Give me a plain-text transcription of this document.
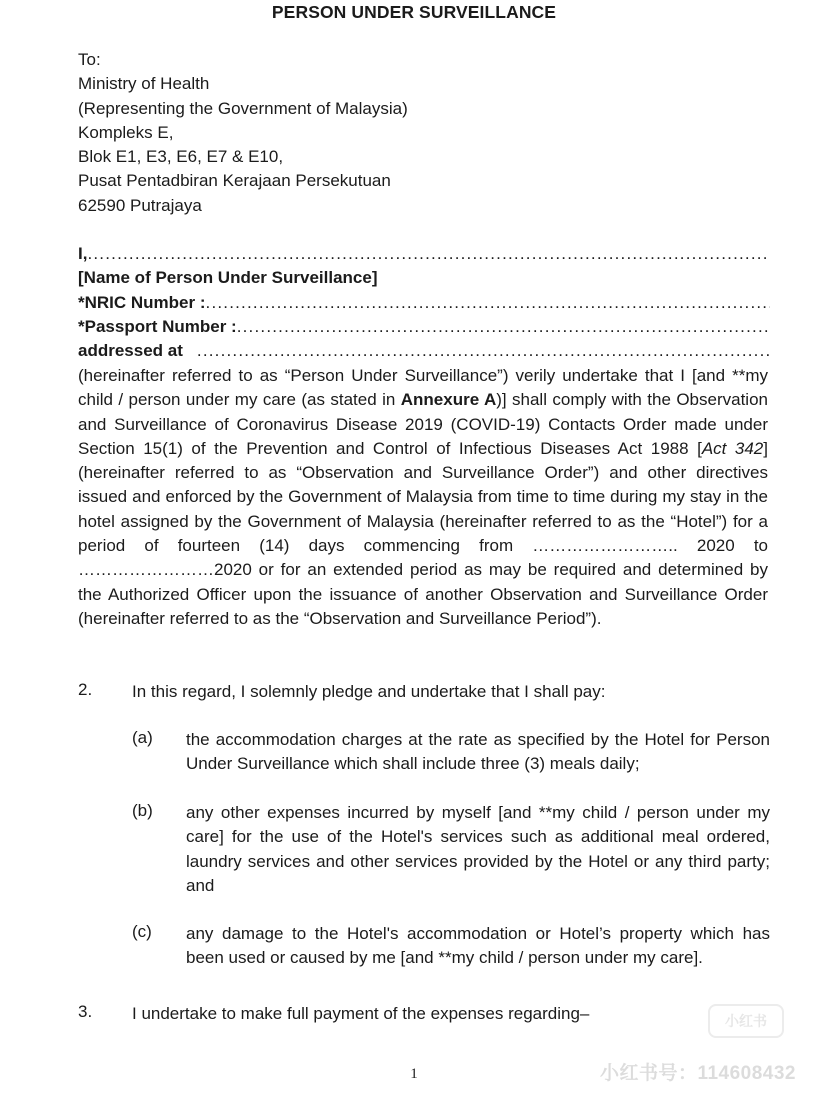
PERSON UNDER SURVEILLANCE
To:
Ministry of Health
(Representing the Government of Malaysia)
Kompleks E,
Blok E1, E3, E6, E7 & E10,
Pusat Pentadbiran Kerajaan Persekutuan
62590 Putrajaya
I,
.....
[Name of Person Under Surveillance]
*NRIC Number :
.....
*Passport Number :
.....
addressed at
.....
(hereinafter referred to as “Person Under Surveillance”) verily undertake that I [and **my child / person under my care (as stated in Annexure A)] shall comply with the Observation and Surveillance of Coronavirus Disease 2019 (COVID-19) Contacts Order made under Section 15(1) of the Prevention and Control of Infectious Diseases Act 1988 [Act 342] (hereinafter referred to as “Observation and Surveillance Order”) and other directives issued and enforced by the Government of Malaysia from time to time during my stay in the hotel assigned by the Government of Malaysia (hereinafter referred to as the “Hotel”) for a period of fourteen (14) days commencing from …………………….. 2020 to ……………………2020 or for an extended period as may be required and determined by the Authorized Officer upon the issuance of another Observation and Surveillance Order (hereinafter referred to as the “Observation and Surveillance Period”).
2. In this regard, I solemnly pledge and undertake that I shall pay:
(a) the accommodation charges at the rate as specified by the Hotel for Person Under Surveillance which shall include three (3) meals daily;
(b) any other expenses incurred by myself [and **my child / person under my care] for the use of the Hotel's services such as additional meal ordered, laundry services and other services provided by the Hotel or any third party; and
(c) any damage to the Hotel's accommodation or Hotel’s property which has been used or caused by me [and **my child / person under my care].
3. I undertake to make full payment of the expenses regarding–	小红书
小红书号：114608432
1
